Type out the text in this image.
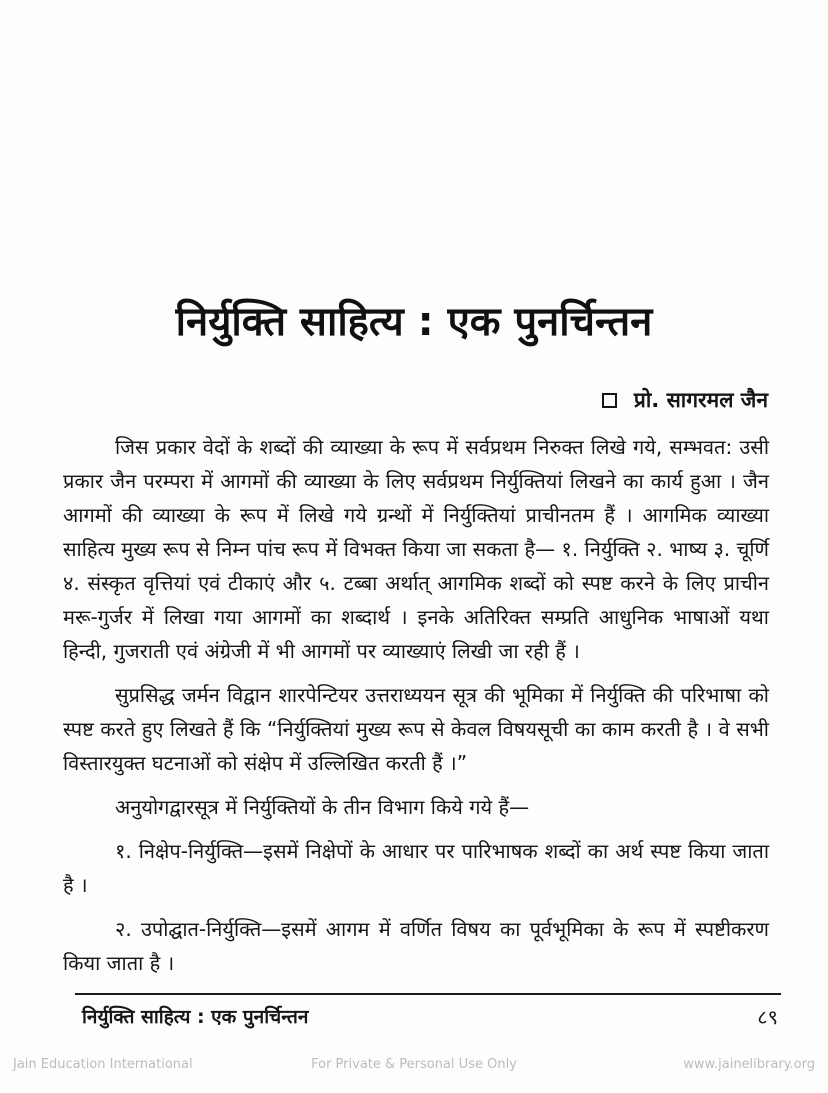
निर्युक्ति साहित्य : एक पुनर्चिन्तन
प्रो. सागरमल जैन

जिस प्रकार वेदों के शब्दों की व्याख्या के रूप में सर्वप्रथम निरुक्त लिखे गये, सम्भवत: उसी प्रकार जैन परम्परा में आगमों की व्याख्या के लिए सर्वप्रथम निर्युक्तियां लिखने का कार्य हुआ । जैन आगमों की व्याख्या के रूप में लिखे गये ग्रन्थों में निर्युक्तियां प्राचीनतम हैं । आगमिक व्याख्या साहित्य मुख्य रूप से निम्न पांच रूप में विभक्त किया जा सकता है— १. निर्युक्ति २. भाष्य ३. चूर्णि ४. संस्कृत वृत्तियां एवं टीकाएं और ५. टब्बा अर्थात् आगमिक शब्दों को स्पष्ट करने के लिए प्राचीन मरू-गुर्जर में लिखा गया आगमों का शब्दार्थ । इनके अतिरिक्त सम्प्रति आधुनिक भाषाओं यथा हिन्दी, गुजराती एवं अंग्रेजी में भी आगमों पर व्याख्याएं लिखी जा रही हैं ।

सुप्रसिद्ध जर्मन विद्वान शारपेन्टियर उत्तराध्ययन सूत्र की भूमिका में निर्युक्ति की परिभाषा को स्पष्ट करते हुए लिखते हैं कि “निर्युक्तियां मुख्य रूप से केवल विषयसूची का काम करती है । वे सभी विस्तारयुक्त घटनाओं को संक्षेप में उल्लिखित करती हैं ।”

अनुयोगद्वारसूत्र में निर्युक्तियों के तीन विभाग किये गये हैं—

१. निक्षेप-निर्युक्ति—इसमें निक्षेपों के आधार पर पारिभाषक शब्दों का अर्थ स्पष्ट किया जाता है ।

२. उपोद्घात-निर्युक्ति—इसमें आगम में वर्णित विषय का पूर्वभूमिका के रूप में स्पष्टीकरण किया जाता है ।

निर्युक्ति साहित्य : एक पुनर्चिन्तन	८९
Jain Education International	For Private & Personal Use Only	www.jainelibrary.org
